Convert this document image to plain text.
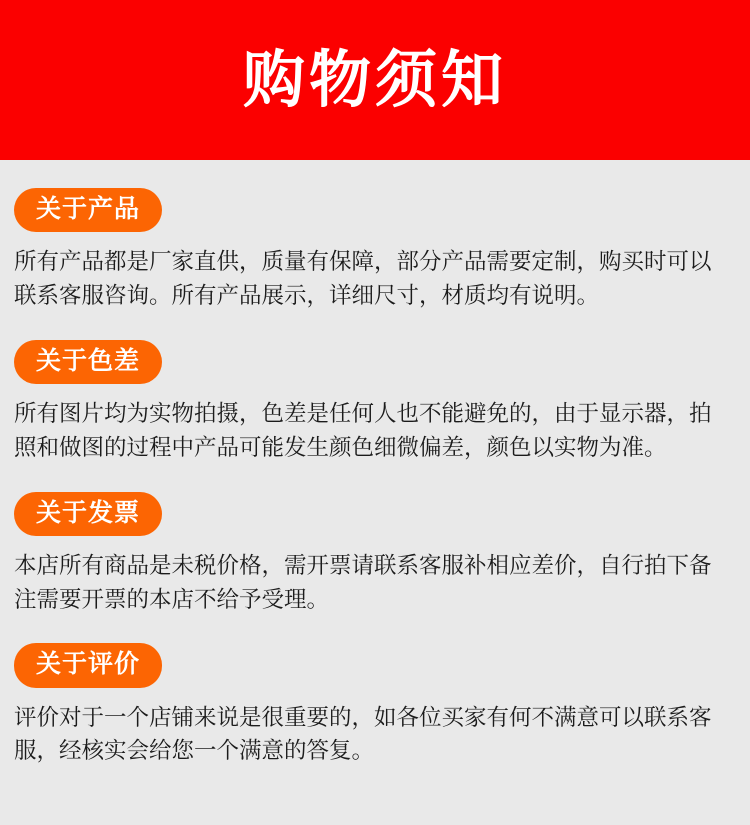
购物须知
关于产品

所有产品都是厂家直供，质量有保障，部分产品需要定制，购买时可以联系客服咨询。所有产品展示，详细尺寸，材质均有说明。

关于色差

所有图片均为实物拍摄，色差是任何人也不能避免的，由于显示器，拍照和做图的过程中产品可能发生颜色细微偏差，颜色以实物为准。

关于发票

本店所有商品是未税价格，需开票请联系客服补相应差价，自行拍下备注需要开票的本店不给予受理。

关于评价

评价对于一个店铺来说是很重要的，如各位买家有何不满意可以联系客服，经核实会给您一个满意的答复。
